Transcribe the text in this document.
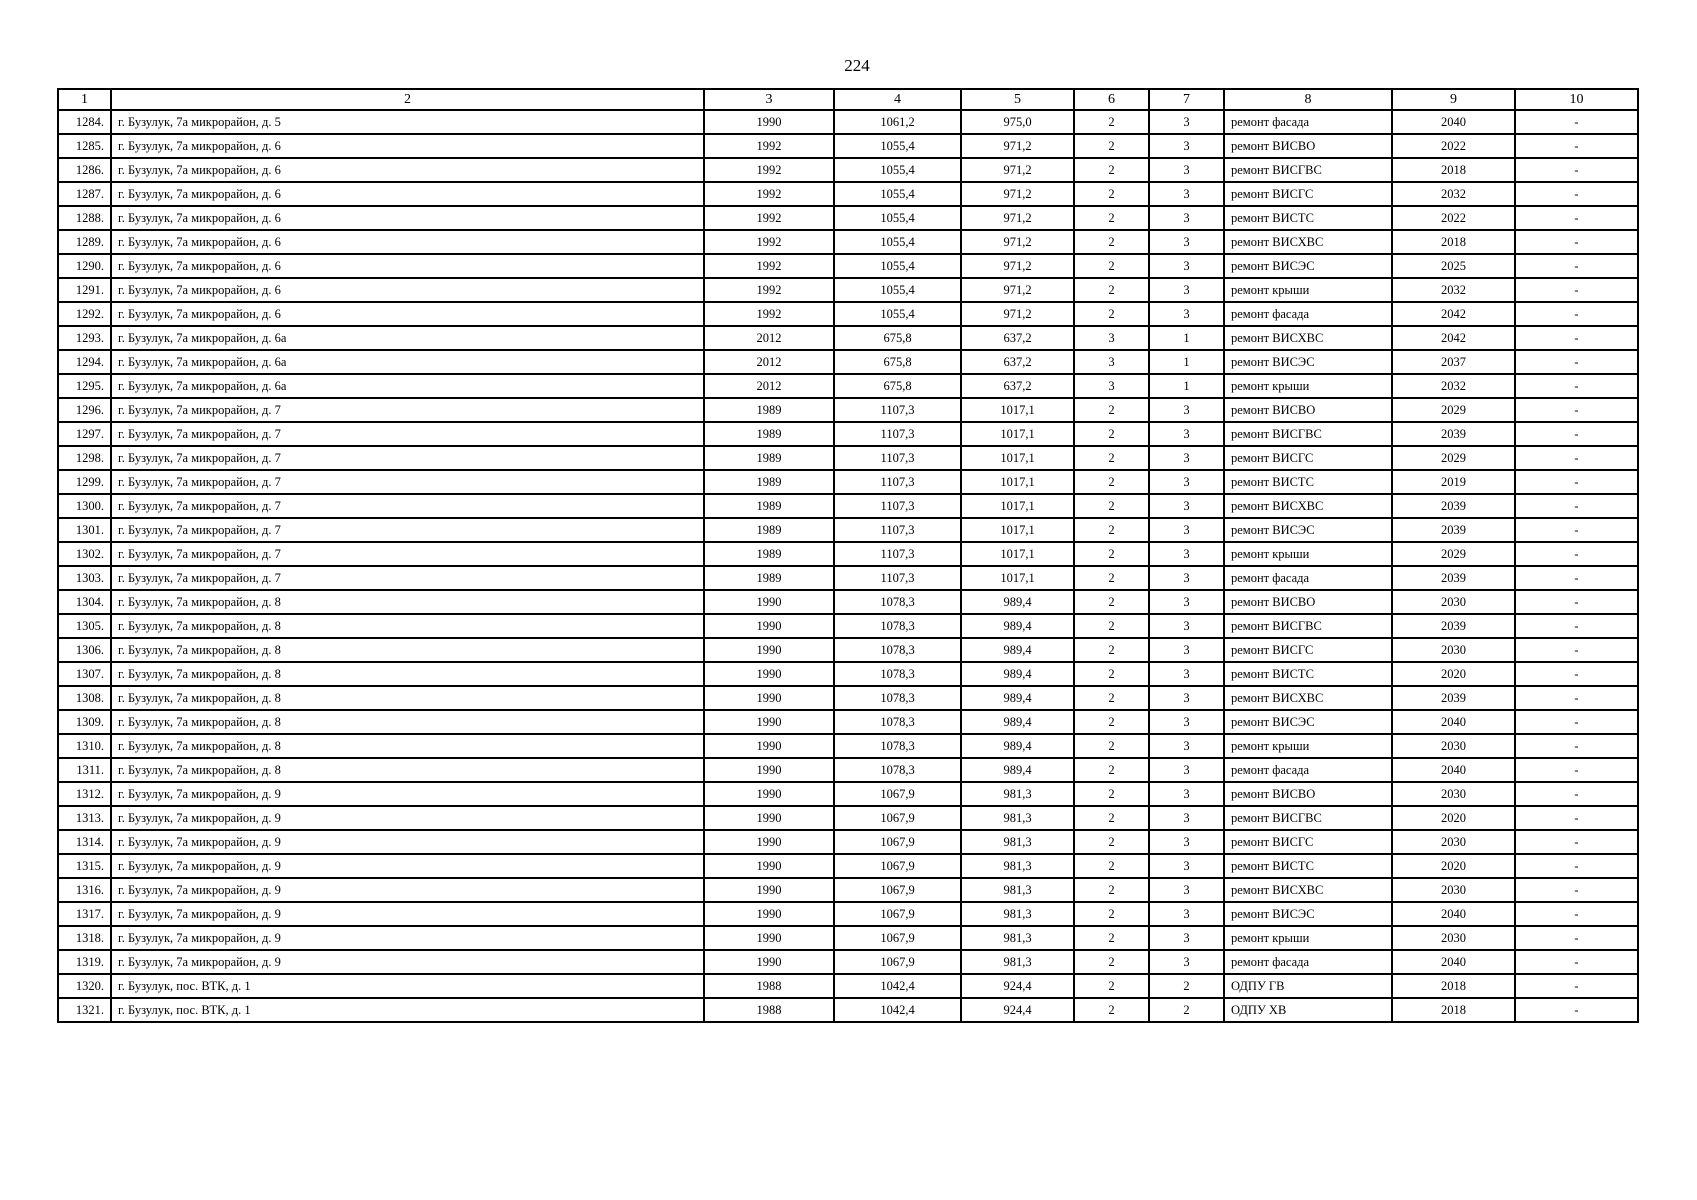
224
1	2	3	4	5	6	7	8	9	10
1284.	г. Бузулук, 7а микрорайон, д. 5	1990	1061,2	975,0	2	3	ремонт фасада	2040	-
1285.	г. Бузулук, 7а микрорайон, д. 6	1992	1055,4	971,2	2	3	ремонт ВИСВО	2022	-
1286.	г. Бузулук, 7а микрорайон, д. 6	1992	1055,4	971,2	2	3	ремонт ВИСГВС	2018	-
1287.	г. Бузулук, 7а микрорайон, д. 6	1992	1055,4	971,2	2	3	ремонт ВИСГС	2032	-
1288.	г. Бузулук, 7а микрорайон, д. 6	1992	1055,4	971,2	2	3	ремонт ВИСТС	2022	-
1289.	г. Бузулук, 7а микрорайон, д. 6	1992	1055,4	971,2	2	3	ремонт ВИСХВС	2018	-
1290.	г. Бузулук, 7а микрорайон, д. 6	1992	1055,4	971,2	2	3	ремонт ВИСЭС	2025	-
1291.	г. Бузулук, 7а микрорайон, д. 6	1992	1055,4	971,2	2	3	ремонт крыши	2032	-
1292.	г. Бузулук, 7а микрорайон, д. 6	1992	1055,4	971,2	2	3	ремонт фасада	2042	-
1293.	г. Бузулук, 7а микрорайон, д. 6а	2012	675,8	637,2	3	1	ремонт ВИСХВС	2042	-
1294.	г. Бузулук, 7а микрорайон, д. 6а	2012	675,8	637,2	3	1	ремонт ВИСЭС	2037	-
1295.	г. Бузулук, 7а микрорайон, д. 6а	2012	675,8	637,2	3	1	ремонт крыши	2032	-
1296.	г. Бузулук, 7а микрорайон, д. 7	1989	1107,3	1017,1	2	3	ремонт ВИСВО	2029	-
1297.	г. Бузулук, 7а микрорайон, д. 7	1989	1107,3	1017,1	2	3	ремонт ВИСГВС	2039	-
1298.	г. Бузулук, 7а микрорайон, д. 7	1989	1107,3	1017,1	2	3	ремонт ВИСГС	2029	-
1299.	г. Бузулук, 7а микрорайон, д. 7	1989	1107,3	1017,1	2	3	ремонт ВИСТС	2019	-
1300.	г. Бузулук, 7а микрорайон, д. 7	1989	1107,3	1017,1	2	3	ремонт ВИСХВС	2039	-
1301.	г. Бузулук, 7а микрорайон, д. 7	1989	1107,3	1017,1	2	3	ремонт ВИСЭС	2039	-
1302.	г. Бузулук, 7а микрорайон, д. 7	1989	1107,3	1017,1	2	3	ремонт крыши	2029	-
1303.	г. Бузулук, 7а микрорайон, д. 7	1989	1107,3	1017,1	2	3	ремонт фасада	2039	-
1304.	г. Бузулук, 7а микрорайон, д. 8	1990	1078,3	989,4	2	3	ремонт ВИСВО	2030	-
1305.	г. Бузулук, 7а микрорайон, д. 8	1990	1078,3	989,4	2	3	ремонт ВИСГВС	2039	-
1306.	г. Бузулук, 7а микрорайон, д. 8	1990	1078,3	989,4	2	3	ремонт ВИСГС	2030	-
1307.	г. Бузулук, 7а микрорайон, д. 8	1990	1078,3	989,4	2	3	ремонт ВИСТС	2020	-
1308.	г. Бузулук, 7а микрорайон, д. 8	1990	1078,3	989,4	2	3	ремонт ВИСХВС	2039	-
1309.	г. Бузулук, 7а микрорайон, д. 8	1990	1078,3	989,4	2	3	ремонт ВИСЭС	2040	-
1310.	г. Бузулук, 7а микрорайон, д. 8	1990	1078,3	989,4	2	3	ремонт крыши	2030	-
1311.	г. Бузулук, 7а микрорайон, д. 8	1990	1078,3	989,4	2	3	ремонт фасада	2040	-
1312.	г. Бузулук, 7а микрорайон, д. 9	1990	1067,9	981,3	2	3	ремонт ВИСВО	2030	-
1313.	г. Бузулук, 7а микрорайон, д. 9	1990	1067,9	981,3	2	3	ремонт ВИСГВС	2020	-
1314.	г. Бузулук, 7а микрорайон, д. 9	1990	1067,9	981,3	2	3	ремонт ВИСГС	2030	-
1315.	г. Бузулук, 7а микрорайон, д. 9	1990	1067,9	981,3	2	3	ремонт ВИСТС	2020	-
1316.	г. Бузулук, 7а микрорайон, д. 9	1990	1067,9	981,3	2	3	ремонт ВИСХВС	2030	-
1317.	г. Бузулук, 7а микрорайон, д. 9	1990	1067,9	981,3	2	3	ремонт ВИСЭС	2040	-
1318.	г. Бузулук, 7а микрорайон, д. 9	1990	1067,9	981,3	2	3	ремонт крыши	2030	-
1319.	г. Бузулук, 7а микрорайон, д. 9	1990	1067,9	981,3	2	3	ремонт фасада	2040	-
1320.	г. Бузулук, пос. ВТК, д. 1	1988	1042,4	924,4	2	2	ОДПУ ГВ	2018	-
1321.	г. Бузулук, пос. ВТК, д. 1	1988	1042,4	924,4	2	2	ОДПУ ХВ	2018	-
